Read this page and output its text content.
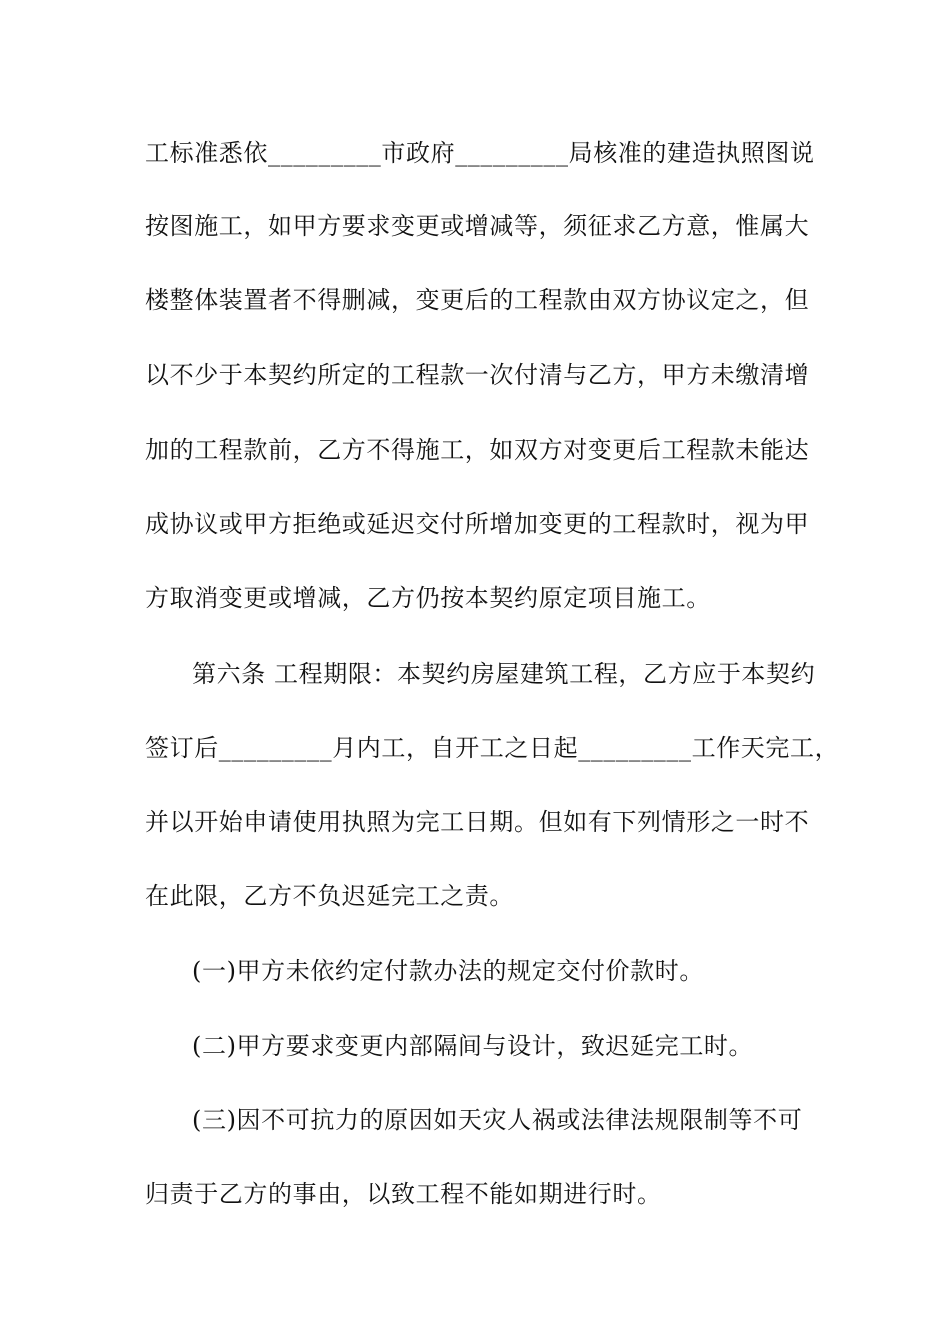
工标准悉依_________市政府_________局核准的建造执照图说
按图施工，如甲方要求变更或增减等，须征求乙方意，惟属大
楼整体装置者不得删减，变更后的工程款由双方协议定之，但
以不少于本契约所定的工程款一次付清与乙方，甲方未缴清增
加的工程款前，乙方不得施工，如双方对变更后工程款未能达
成协议或甲方拒绝或延迟交付所增加变更的工程款时，视为甲
方取消变更或增减，乙方仍按本契约原定项目施工。
第六条 工程期限：本契约房屋建筑工程，乙方应于本契约
签订后_________月内工，自开工之日起_________工作天完工，
并以开始申请使用执照为完工日期。但如有下列情形之一时不
在此限，乙方不负迟延完工之责。
(一)甲方未依约定付款办法的规定交付价款时。
(二)甲方要求变更内部隔间与设计，致迟延完工时。
(三)因不可抗力的原因如天灾人祸或法律法规限制等不可
归责于乙方的事由，以致工程不能如期进行时。
